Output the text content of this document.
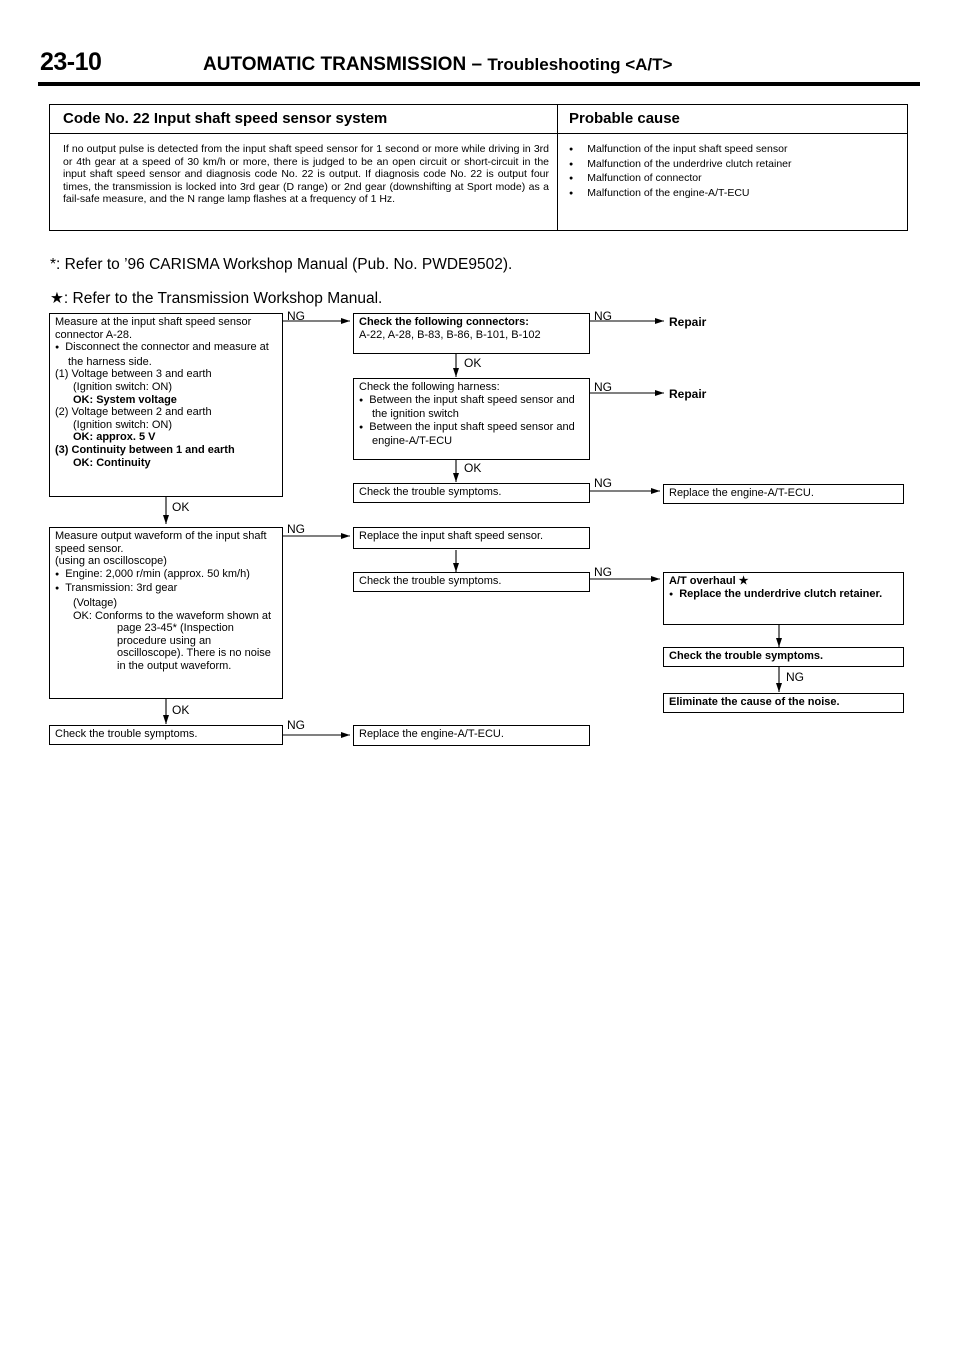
23-10	AUTOMATIC TRANSMISSION – Troubleshooting <A/T>
Code No. 22 Input shaft speed sensor system	Probable cause
If no output pulse is detected from the input shaft speed sensor for 1 second or more while driving in 3rd or 4th gear at a speed of 30 km/h or more, there is judged to be an open circuit or short-circuit in the input shaft speed sensor and diagnosis code No. 22 is output. If diagnosis code No. 22 is output four times, the transmission is locked into 3rd gear (D range) or 2nd gear (downshifting at Sport mode) as a fail-safe measure, and the N range lamp flashes at a frequency of 1 Hz.
● Malfunction of the input shaft speed sensor
● Malfunction of the underdrive clutch retainer
● Malfunction of connector
● Malfunction of the engine-A/T-ECU
*: Refer to ’96 CARISMA Workshop Manual (Pub. No. PWDE9502).
★: Refer to the Transmission Workshop Manual.
NG	NG	Repair
NG	Repair
OK
OK
NG
OK
NG
NG
NG
OK
NG
Measure at the input shaft speed sensor connector A-28.
● Disconnect the connector and measure at the harness side.
(1) Voltage between 3 and earth
(Ignition switch: ON)
OK: System voltage
(2) Voltage between 2 and earth
(Ignition switch: ON)
OK: approx. 5 V
(3) Continuity between 1 and earth
OK: Continuity
Check the following connectors:
A-22, A-28, B-83, B-86, B-101, B-102
Check the following harness:
● Between the input shaft speed sensor and the ignition switch
● Between the input shaft speed sensor and engine-A/T-ECU
Check the trouble symptoms.	Replace the engine-A/T-ECU.
Measure output waveform of the input shaft speed sensor.
(using an oscilloscope)
● Engine: 2,000 r/min (approx. 50 km/h)
● Transmission: 3rd gear
(Voltage)
OK: Conforms to the waveform shown at page 23-45* (Inspection procedure using an oscilloscope). There is no noise in the output waveform.
Replace the input shaft speed sensor.
Check the trouble symptoms.	A/T overhaul ★
● Replace the underdrive clutch retainer.
Check the trouble symptoms.
Eliminate the cause of the noise.
Check the trouble symptoms.	Replace the engine-A/T-ECU.
